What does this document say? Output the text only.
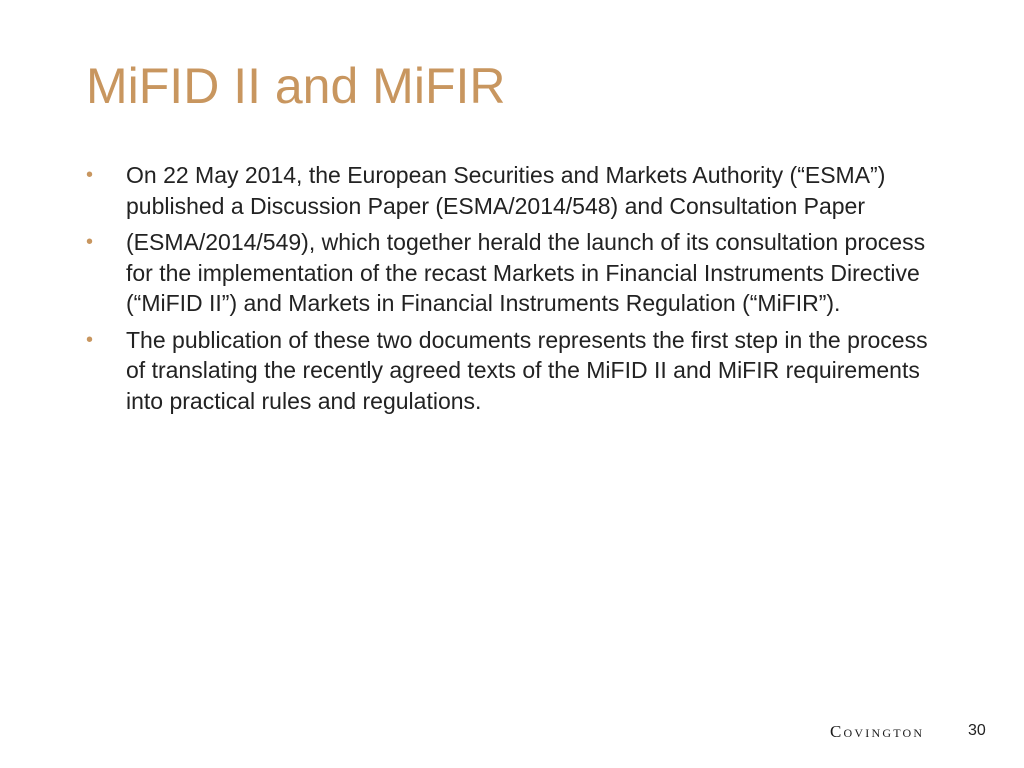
MiFID II and MiFIR
• On 22 May 2014, the European Securities and Markets Authority (“ESMA”) published a Discussion Paper (ESMA/2014/548) and Consultation Paper
• (ESMA/2014/549), which together herald the launch of its consultation process for the implementation of the recast Markets in Financial Instruments Directive (“MiFID II”) and Markets in Financial Instruments Regulation (“MiFIR”).
• The publication of these two documents represents the first step in the process of translating the recently agreed texts of the MiFID II and MiFIR requirements into practical rules and regulations.
Covington	30
